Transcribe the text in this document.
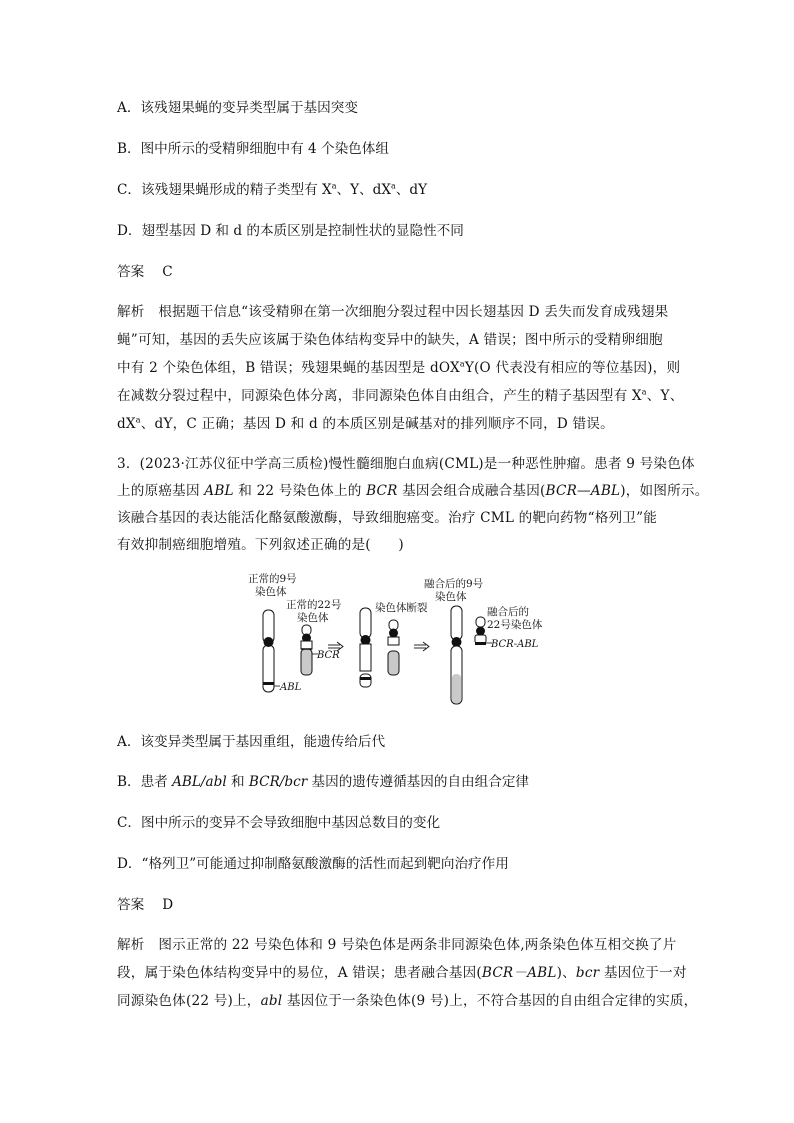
A．该残翅果蝇的变异类型属于基因突变
B．图中所示的受精卵细胞中有 4 个染色体组
C．该残翅果蝇形成的精子类型有 $X^a$、Y、$dX^a$、dY
D．翅型基因 D 和 d 的本质区别是控制性状的显隐性不同
答案 C
解析　根据题干信息“该受精卵在第一次细胞分裂过程中因长翅基因 D 丢失而发育成残翅果
蝇”可知，基因的丢失应该属于染色体结构变异中的缺失，A 错误；图中所示的受精卵细胞
中有 2 个染色体组，B 错误；残翅果蝇的基因型是 dOX$^a$Y(O 代表没有相应的等位基因)，则
在减数分裂过程中，同源染色体分离，非同源染色体自由组合，产生的精子基因型有 $X^a$、Y、
$dX^a$、dY，C 正确；基因 D 和 d 的本质区别是碱基对的排列顺序不同，D 错误。
3．(2023·江苏仪征中学高三质检)慢性髓细胞白血病(CML)是一种恶性肿瘤。患者 9 号染色体
上的原癌基因 ABL 和 22 号染色体上的 BCR 基因会组合成融合基因(BCR—ABL)，如图所示。
该融合基因的表达能活化酪氨酸激酶，导致细胞癌变。治疗 CML 的靶向药物“格列卫”能
有效抑制癌细胞增殖。下列叙述正确的是(　　)
正常的9号
染色体
正常的22号
染色体
染色体断裂
融合后的9号
染色体
融合后的
22号染色体
ABL
BCR
BCR-ABL
A．该变异类型属于基因重组，能遗传给后代
B．患者 ABL/abl 和 BCR/bcr 基因的遗传遵循基因的自由组合定律
C．图中所示的变异不会导致细胞中基因总数目的变化
D．“格列卫”可能通过抑制酪氨酸激酶的活性而起到靶向治疗作用
答案 D
解析　图示正常的 22 号染色体和 9 号染色体是两条非同源染色体,两条染色体互相交换了片
段，属于染色体结构变异中的易位，A 错误；患者融合基因(BCR－ABL)、bcr 基因位于一对
同源染色体(22 号)上，abl 基因位于一条染色体(9 号)上，不符合基因的自由组合定律的实质，
